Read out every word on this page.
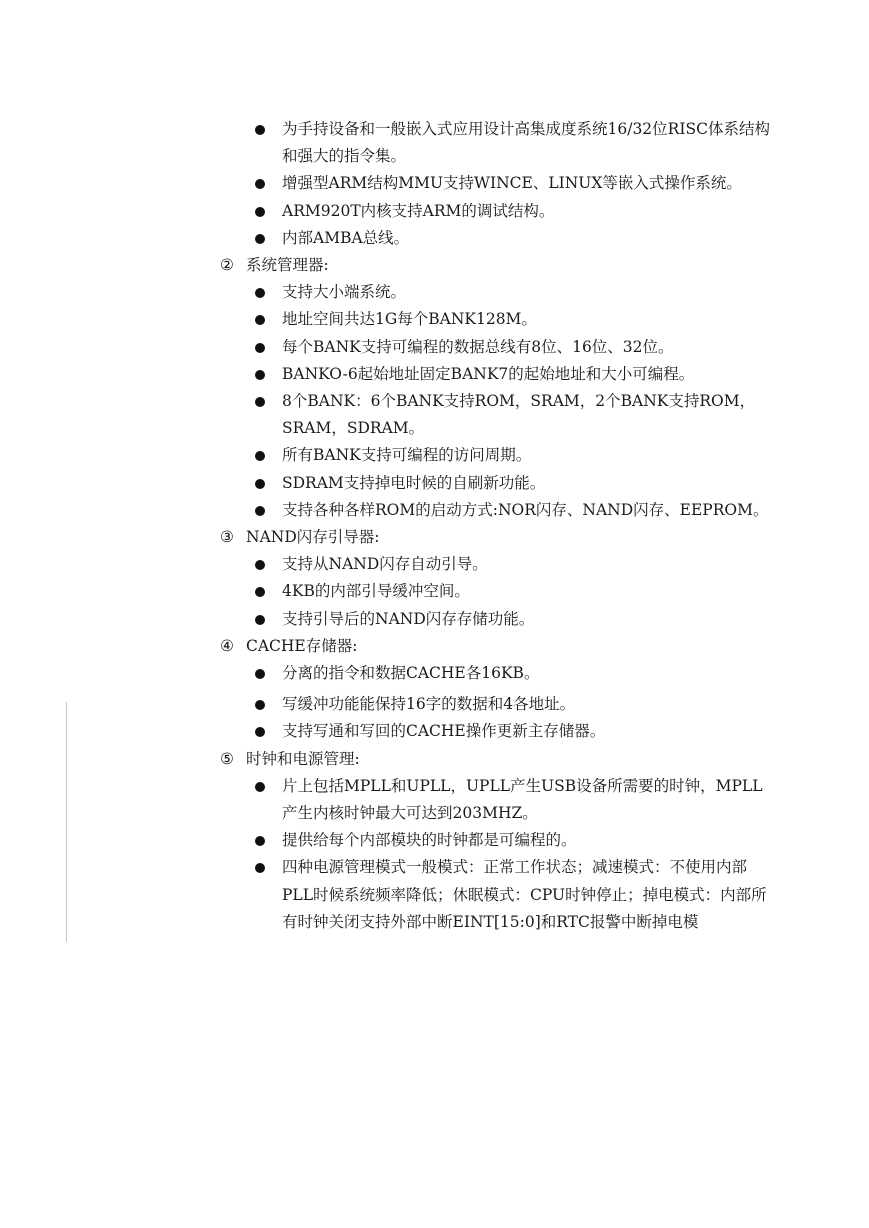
为手持设备和一般嵌入式应用设计高集成度系统16/32位RISC体系结构和强大的指令集。
增强型ARM结构MMU支持WINCE、LINUX等嵌入式操作系统。
ARM920T内核支持ARM的调试结构。
内部AMBA总线。
② 系统管理器:
支持大小端系统。
地址空间共达1G每个BANK128M。
每个BANK支持可编程的数据总线有8位、16位、32位。
BANKO-6起始地址固定BANK7的起始地址和大小可编程。
8个BANK：6个BANK支持ROM，SRAM，2个BANK支持ROM，SRAM，SDRAM。
所有BANK支持可编程的访问周期。
SDRAM支持掉电时候的自刷新功能。
支持各种各样ROM的启动方式:NOR闪存、NAND闪存、EEPROM。
③ NAND闪存引导器:
支持从NAND闪存自动引导。
4KB的内部引导缓冲空间。
支持引导后的NAND闪存存储功能。
④ CACHE存储器:
分离的指令和数据CACHE各16KB。
写缓冲功能能保持16字的数据和4各地址。
支持写通和写回的CACHE操作更新主存储器。
⑤ 时钟和电源管理:
片上包括MPLL和UPLL，UPLL产生USB设备所需要的时钟，MPLL产生内核时钟最大可达到203MHZ。
提供给每个内部模块的时钟都是可编程的。
四种电源管理模式一般模式：正常工作状态；减速模式：不使用内部PLL时候系统频率降低；休眠模式：CPU时钟停止；掉电模式：内部所有时钟关闭支持外部中断EINT[15:0]和RTC报警中断掉电模
